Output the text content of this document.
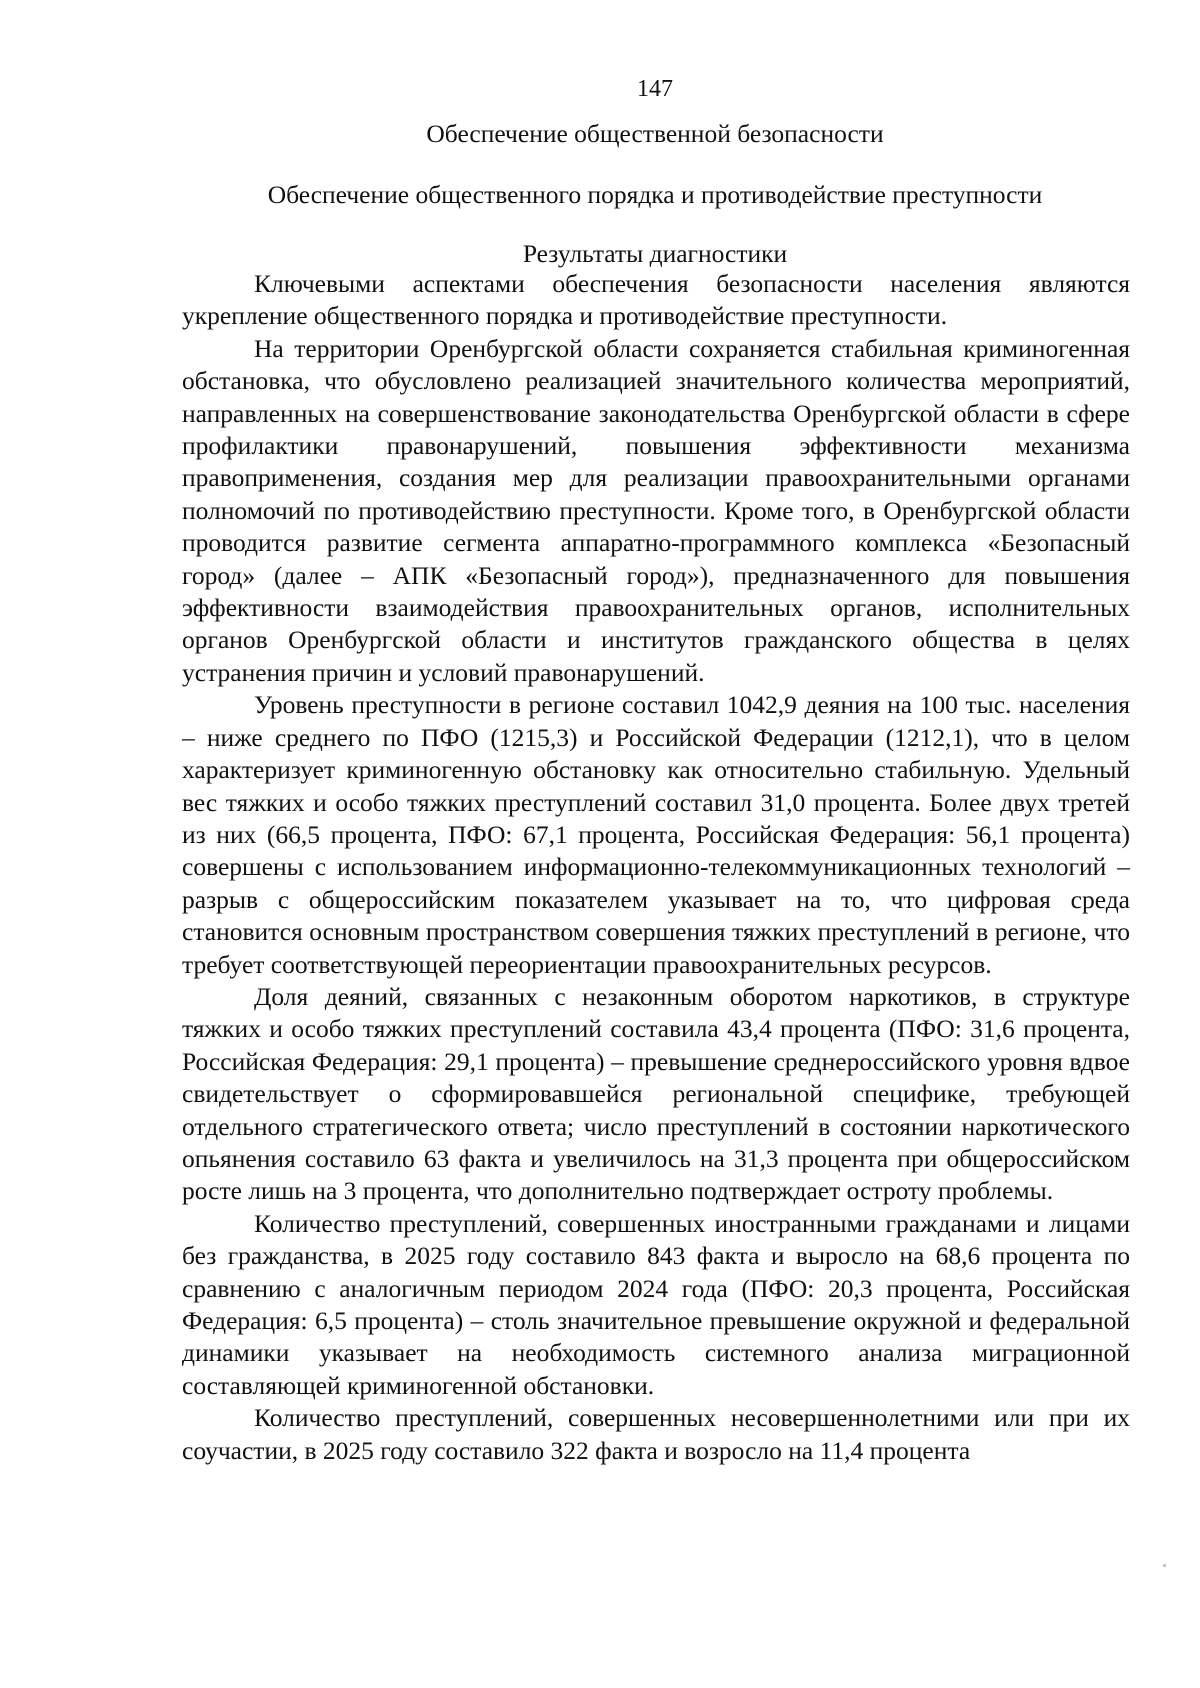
147
Обеспечение общественной безопасности
Обеспечение общественного порядка и противодействие преступности
Результаты диагностики

Ключевыми аспектами обеспечения безопасности населения являются укрепление общественного порядка и противодействие преступности.

На территории Оренбургской области сохраняется стабильная криминогенная обстановка, что обусловлено реализацией значительного количества мероприятий, направленных на совершенствование законодательства Оренбургской области в сфере профилактики правонарушений, повышения эффективности механизма правоприменения, создания мер для реализации правоохранительными органами полномочий по противодействию преступности. Кроме того, в Оренбургской области проводится развитие сегмента аппаратно-программного комплекса «Безопасный город» (далее – АПК «Безопасный город»), предназначенного для повышения эффективности взаимодействия правоохранительных органов, исполнительных органов Оренбургской области и институтов гражданского общества в целях устранения причин и условий правонарушений.

Уровень преступности в регионе составил 1042,9 деяния на 100 тыс. населения – ниже среднего по ПФО (1215,3) и Российской Федерации (1212,1), что в целом характеризует криминогенную обстановку как относительно стабильную. Удельный вес тяжких и особо тяжких преступлений составил 31,0 процента. Более двух третей из них (66,5 процента, ПФО: 67,1 процента, Российская Федерация: 56,1 процента) совершены с использованием информационно-телекоммуникационных технологий – разрыв с общероссийским показателем указывает на то, что цифровая среда становится основным пространством совершения тяжких преступлений в регионе, что требует соответствующей переориентации правоохранительных ресурсов.

Доля деяний, связанных с незаконным оборотом наркотиков, в структуре тяжких и особо тяжких преступлений составила 43,4 процента (ПФО: 31,6 процента, Российская Федерация: 29,1 процента) – превышение среднероссийского уровня вдвое свидетельствует о сформировавшейся региональной специфике, требующей отдельного стратегического ответа; число преступлений в состоянии наркотического опьянения составило 63 факта и увеличилось на 31,3 процента при общероссийском росте лишь на 3 процента, что дополнительно подтверждает остроту проблемы.

Количество преступлений, совершенных иностранными гражданами и лицами без гражданства, в 2025 году составило 843 факта и выросло на 68,6 процента по сравнению с аналогичным периодом 2024 года (ПФО: 20,3 процента, Российская Федерация: 6,5 процента) – столь значительное превышение окружной и федеральной динамики указывает на необходимость системного анализа миграционной составляющей криминогенной обстановки.

Количество преступлений, совершенных несовершеннолетними или при их соучастии, в 2025 году составило 322 факта и возросло на 11,4 процента
